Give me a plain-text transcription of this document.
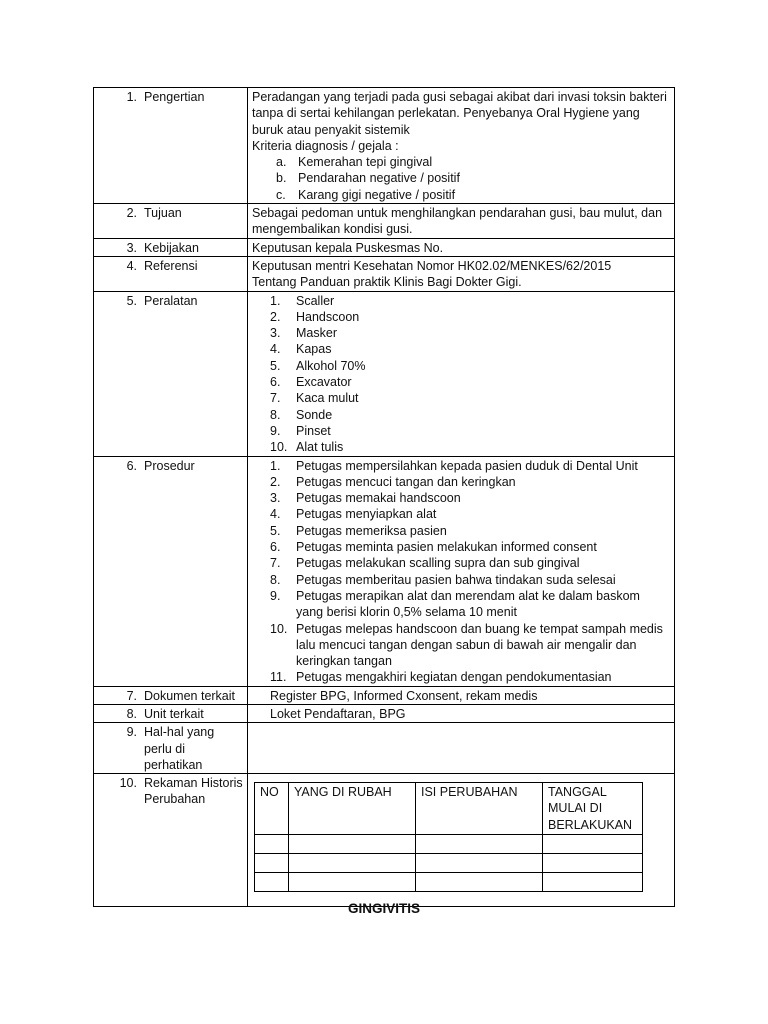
1. Pengertian	Peradangan yang terjadi pada gusi sebagai akibat dari invasi toksin bakteri tanpa di sertai kehilangan perlekatan. Penyebanya Oral Hygiene yang buruk atau penyakit sistemik
Kriteria diagnosis / gejala :
a. Kemerahan tepi gingival
b. Pendarahan negative / positif
c. Karang gigi negative / positif

2. Tujuan	Sebagai pedoman untuk menghilangkan pendarahan gusi, bau mulut, dan mengembalikan kondisi gusi.

3. Kebijakan	Keputusan kepala Puskesmas No.

4. Referensi	Keputusan mentri Kesehatan Nomor HK02.02/MENKES/62/2015
Tentang Panduan praktik Klinis Bagi Dokter Gigi.

5. Peralatan	1.	Scaller
2.	Handscoon
3.	Masker
4.	Kapas
5.	Alkohol 70%
6.	Excavator
7.	Kaca mulut
8.	Sonde
9.	Pinset
10. Alat tulis

6. Prosedur	1.	Petugas mempersilahkan kepada pasien duduk di Dental Unit
2.	Petugas mencuci tangan dan keringkan
3.	Petugas memakai handscoon
4.	Petugas menyiapkan alat
5.	Petugas memeriksa pasien
6.	Petugas meminta pasien melakukan informed consent
7.	Petugas melakukan scalling supra dan sub gingival
8.	Petugas memberitau pasien bahwa tindakan suda selesai
9.	Petugas merapikan alat dan merendam alat ke dalam baskom yang berisi klorin 0,5% selama 10 menit
10. Petugas melepas handscoon dan buang ke tempat sampah medis lalu mencuci tangan dengan sabun di bawah air mengalir dan keringkan tangan
11. Petugas mengakhiri kegiatan dengan pendokumentasian

7. Dokumen terkait	Register BPG, Informed Cxonsent, rekam medis

8. Unit terkait	Loket Pendaftaran, BPG

9. Hal-hal yang perlu di perhatikan

10. Rekaman Historis Perubahan

NO	YANG DI RUBAH	ISI PERUBAHAN	TANGGAL MULAI DI BERLAKUKAN

GINGIVITIS
